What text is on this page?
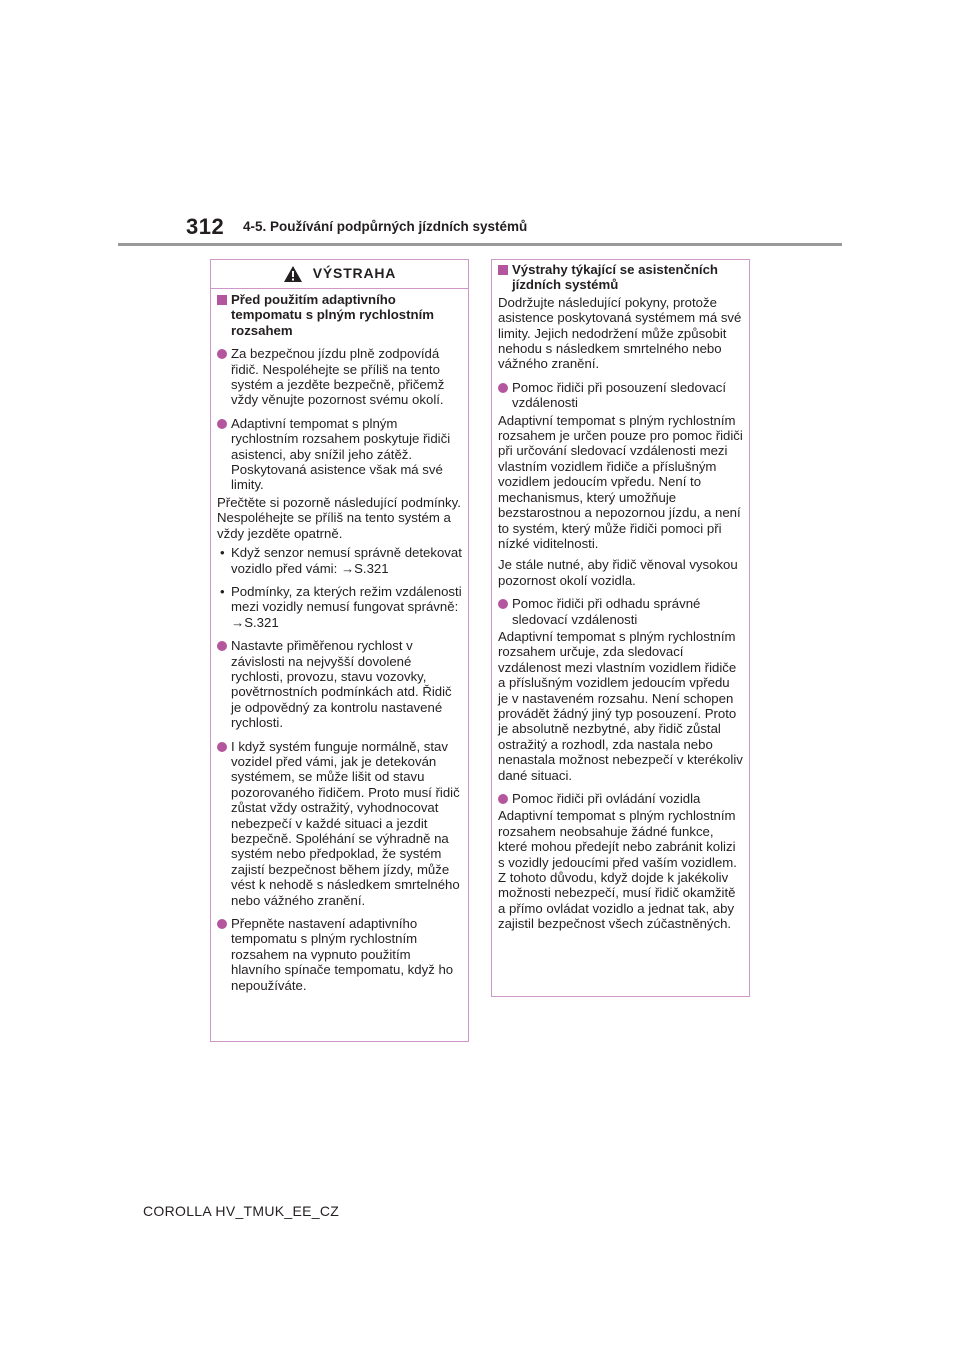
312 4-5. Používání podpůrných jízdních systémů
VÝSTRAHA
Před použitím adaptivního tempomatu s plným rychlostním rozsahem
Za bezpečnou jízdu plně zodpovídá řidič. Nespoléhejte se příliš na tento systém a jezděte bezpečně, přičemž vždy věnujte pozornost svému okolí.
Adaptivní tempomat s plným rychlostním rozsahem poskytuje řidiči asistenci, aby snížil jeho zátěž. Poskytovaná asistence však má své limity.
Přečtěte si pozorně následující podmínky. Nespoléhejte se příliš na tento systém a vždy jezděte opatrně.
• Když senzor nemusí správně detekovat vozidlo před vámi: →S.321
• Podmínky, za kterých režim vzdálenosti mezi vozidly nemusí fungovat správně: →S.321
Nastavte přiměřenou rychlost v závislosti na nejvyšší dovolené rychlosti, provozu, stavu vozovky, povětrnostních podmínkách atd. Řidič je odpovědný za kontrolu nastavené rychlosti.
I když systém funguje normálně, stav vozidel před vámi, jak je detekován systémem, se může lišit od stavu pozorovaného řidičem. Proto musí řidič zůstat vždy ostražitý, vyhodnocovat nebezpečí v každé situaci a jezdit bezpečně. Spoléhání se výhradně na systém nebo předpoklad, že systém zajistí bezpečnost během jízdy, může vést k nehodě s následkem smrtelného nebo vážného zranění.
Přepněte nastavení adaptivního tempomatu s plným rychlostním rozsahem na vypnuto použitím hlavního spínače tempomatu, když ho nepoužíváte.
Výstrahy týkající se asistenčních jízdních systémů
Dodržujte následující pokyny, protože asistence poskytovaná systémem má své limity. Jejich nedodržení může způsobit nehodu s následkem smrtelného nebo vážného zranění.
Pomoc řidiči při posouzení sledovací vzdálenosti
Adaptivní tempomat s plným rychlostním rozsahem je určen pouze pro pomoc řidiči při určování sledovací vzdálenosti mezi vlastním vozidlem řidiče a příslušným vozidlem jedoucím vpředu. Není to mechanismus, který umožňuje bezstarostnou a nepozornou jízdu, a není to systém, který může řidiči pomoci při nízké viditelnosti.
Je stále nutné, aby řidič věnoval vysokou pozornost okolí vozidla.
Pomoc řidiči při odhadu správné sledovací vzdálenosti
Adaptivní tempomat s plným rychlostním rozsahem určuje, zda sledovací vzdálenost mezi vlastním vozidlem řidiče a příslušným vozidlem jedoucím vpředu je v nastaveném rozsahu. Není schopen provádět žádný jiný typ posouzení. Proto je absolutně nezbytné, aby řidič zůstal ostražitý a rozhodl, zda nastala nebo nenastala možnost nebezpečí v kterékoliv dané situaci.
Pomoc řidiči při ovládání vozidla
Adaptivní tempomat s plným rychlostním rozsahem neobsahuje žádné funkce, které mohou předejít nebo zabránit kolizi s vozidly jedoucími před vaším vozidlem. Z tohoto důvodu, když dojde k jakékoliv možnosti nebezpečí, musí řidič okamžitě a přímo ovládat vozidlo a jednat tak, aby zajistil bezpečnost všech zúčastněných.
COROLLA HV_TMUK_EE_CZ
